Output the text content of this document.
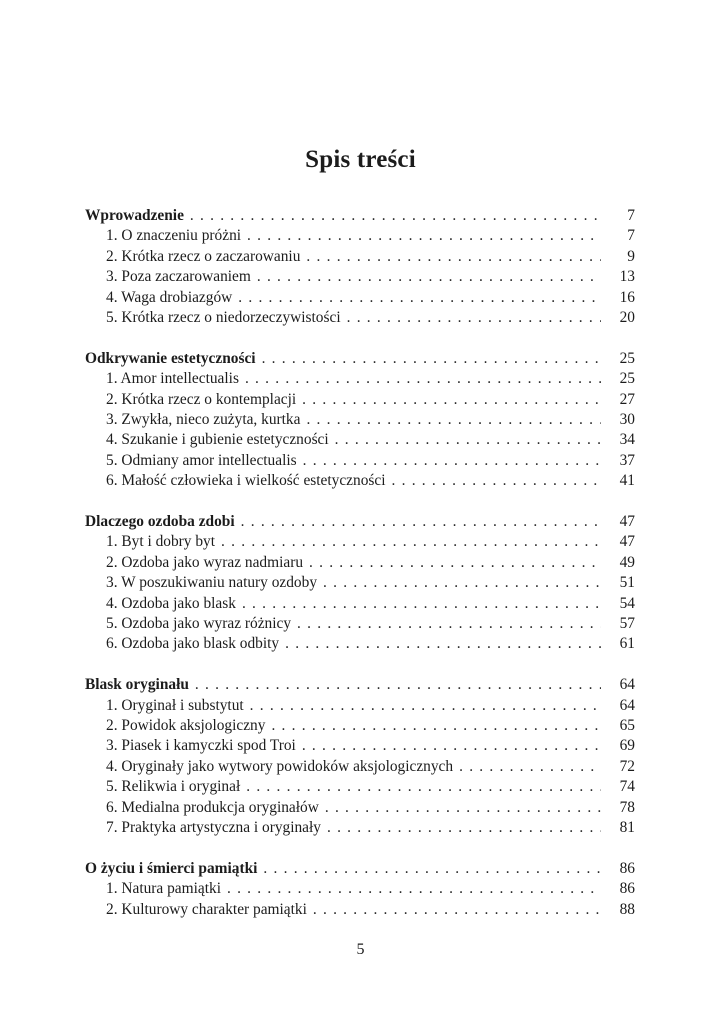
Spis treści
Wprowadzenie . . .	7
1. O znaczeniu próżni . . .	7
2. Krótka rzecz o zaczarowaniu . . .	9
3. Poza zaczarowaniem . . .	13
4. Waga drobiazgów . . .	16
5. Krótka rzecz o niedorzeczywistości . . .	20
Odkrywanie estetyczności . . .	25
1. Amor intellectualis . . .	25
2. Krótka rzecz o kontemplacji . . .	27
3. Zwykła, nieco zużyta, kurtka . . .	30
4. Szukanie i gubienie estetyczności . . .	34
5. Odmiany amor intellectualis . . .	37
6. Małość człowieka i wielkość estetyczności . . .	41
Dlaczego ozdoba zdobi . . .	47
1. Byt i dobry byt . . .	47
2. Ozdoba jako wyraz nadmiaru . . .	49
3. W poszukiwaniu natury ozdoby . . .	51
4. Ozdoba jako blask . . .	54
5. Ozdoba jako wyraz różnicy . . .	57
6. Ozdoba jako blask odbity . . .	61
Blask oryginału . . .	64
1. Oryginał i substytut . . .	64
2. Powidok aksjologiczny . . .	65
3. Piasek i kamyczki spod Troi . . .	69
4. Oryginały jako wytwory powidoków aksjologicznych . . .	72
5. Relikwia i oryginał . . .	74
6. Medialna produkcja oryginałów . . .	78
7. Praktyka artystyczna i oryginały . . .	81
O życiu i śmierci pamiątki . . .	86
1. Natura pamiątki . . .	86
2. Kulturowy charakter pamiątki . . .	88
5
